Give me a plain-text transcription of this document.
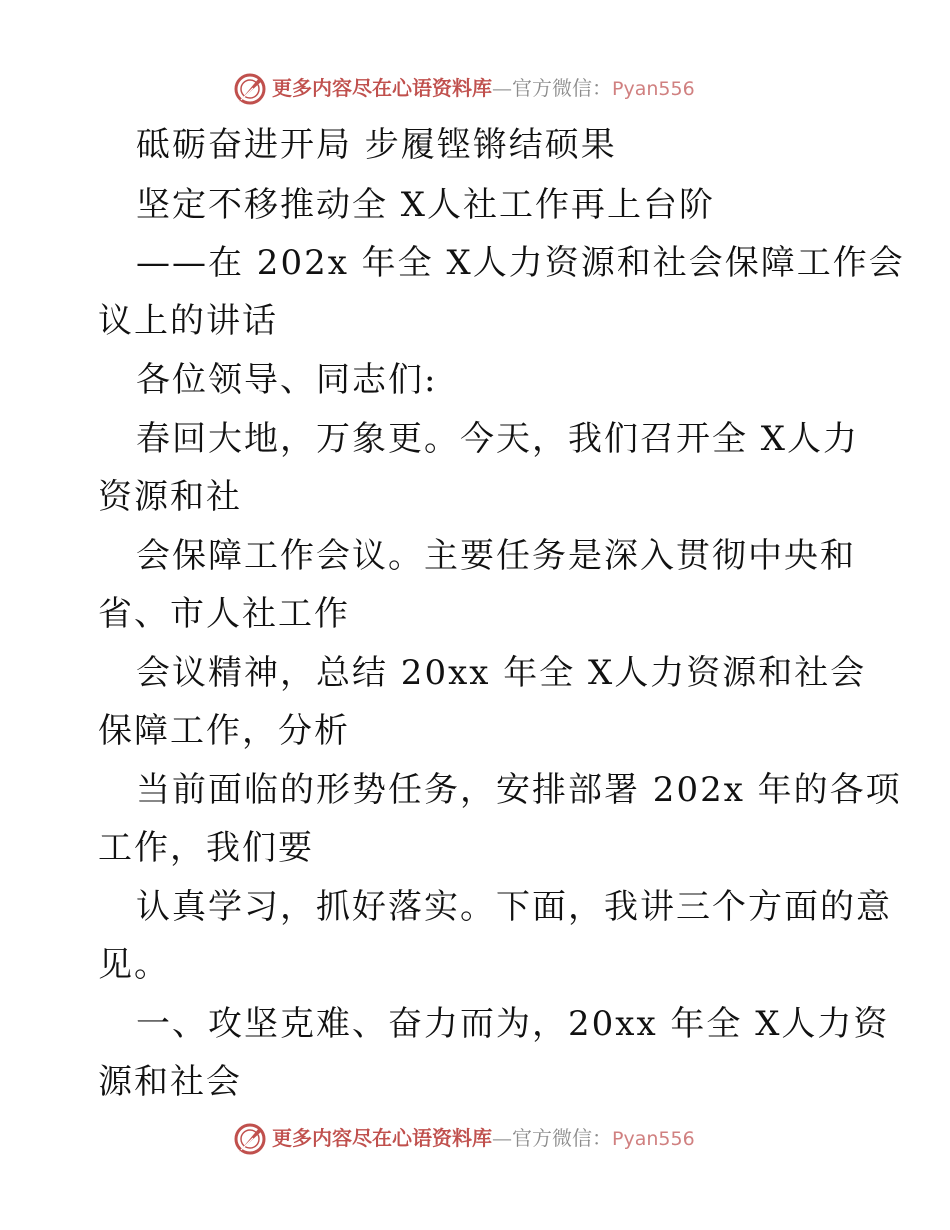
更多内容尽在心语资料库—官方微信：Pyan556
砥砺奋进开局 步履铿锵结硕果
坚定不移推动全 X人社工作再上台阶
——在 202x 年全 X人力资源和社会保障工作会
议上的讲话
各位领导、同志们:
春回大地，万象更。今天，我们召开全 X人力
资源和社
会保障工作会议。主要任务是深入贯彻中央和
省、市人社工作
会议精神，总结 20xx 年全 X人力资源和社会
保障工作，分析
当前面临的形势任务，安排部署 202x 年的各项
工作，我们要
认真学习，抓好落实。下面，我讲三个方面的意
见。
一、攻坚克难、奋力而为，20xx 年全 X人力资
源和社会
更多内容尽在心语资料库—官方微信：Pyan556
